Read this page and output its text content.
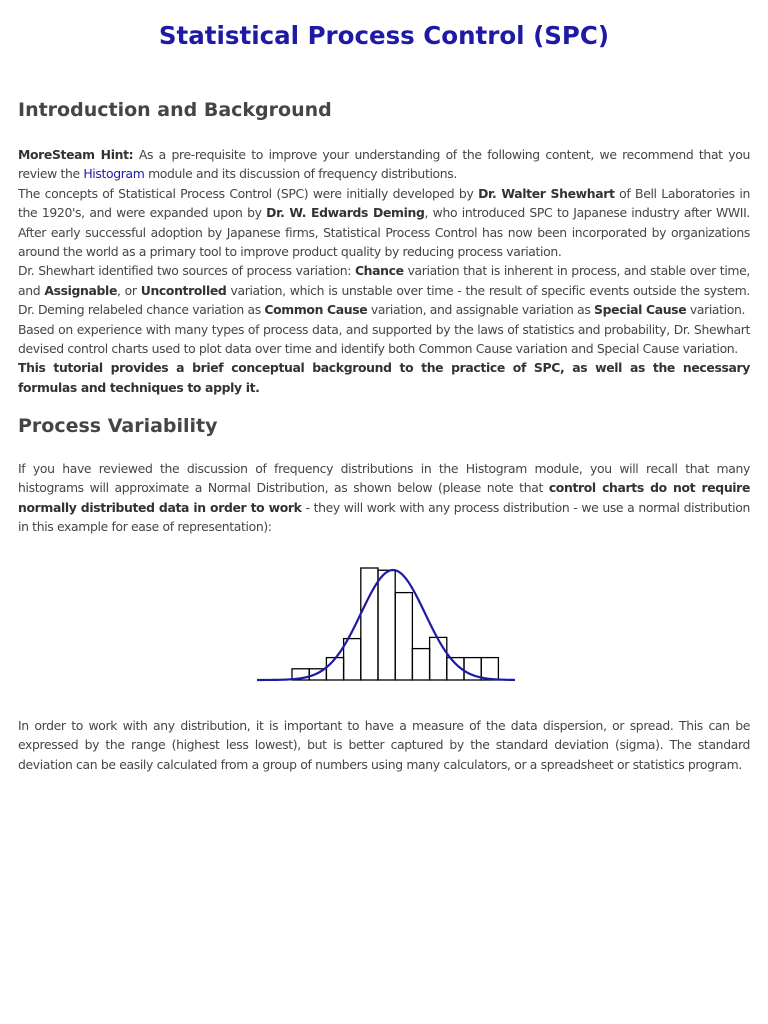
Statistical Process Control (SPC)
Introduction and Background
MoreSteam Hint: As a pre-requisite to improve your understanding of the following content, we recommend that you review the Histogram module and its discussion of frequency distributions.
The concepts of Statistical Process Control (SPC) were initially developed by Dr. Walter Shewhart of Bell Laboratories in the 1920's, and were expanded upon by Dr. W. Edwards Deming, who introduced SPC to Japanese industry after WWII. After early successful adoption by Japanese firms, Statistical Process Control has now been incorporated by organizations around the world as a primary tool to improve product quality by reducing process variation.
Dr. Shewhart identified two sources of process variation: Chance variation that is inherent in process, and stable over time, and Assignable, or Uncontrolled variation, which is unstable over time - the result of specific events outside the system. Dr. Deming relabeled chance variation as Common Cause variation, and assignable variation as Special Cause variation.
Based on experience with many types of process data, and supported by the laws of statistics and probability, Dr. Shewhart devised control charts used to plot data over time and identify both Common Cause variation and Special Cause variation.
This tutorial provides a brief conceptual background to the practice of SPC, as well as the necessary formulas and techniques to apply it.
Process Variability
If you have reviewed the discussion of frequency distributions in the Histogram module, you will recall that many histograms will approximate a Normal Distribution, as shown below (please note that control charts do not require normally distributed data in order to work - they will work with any process distribution - we use a normal distribution in this example for ease of representation):
In order to work with any distribution, it is important to have a measure of the data dispersion, or spread. This can be expressed by the range (highest less lowest), but is better captured by the standard deviation (sigma). The standard deviation can be easily calculated from a group of numbers using many calculators, or a spreadsheet or statistics program.
